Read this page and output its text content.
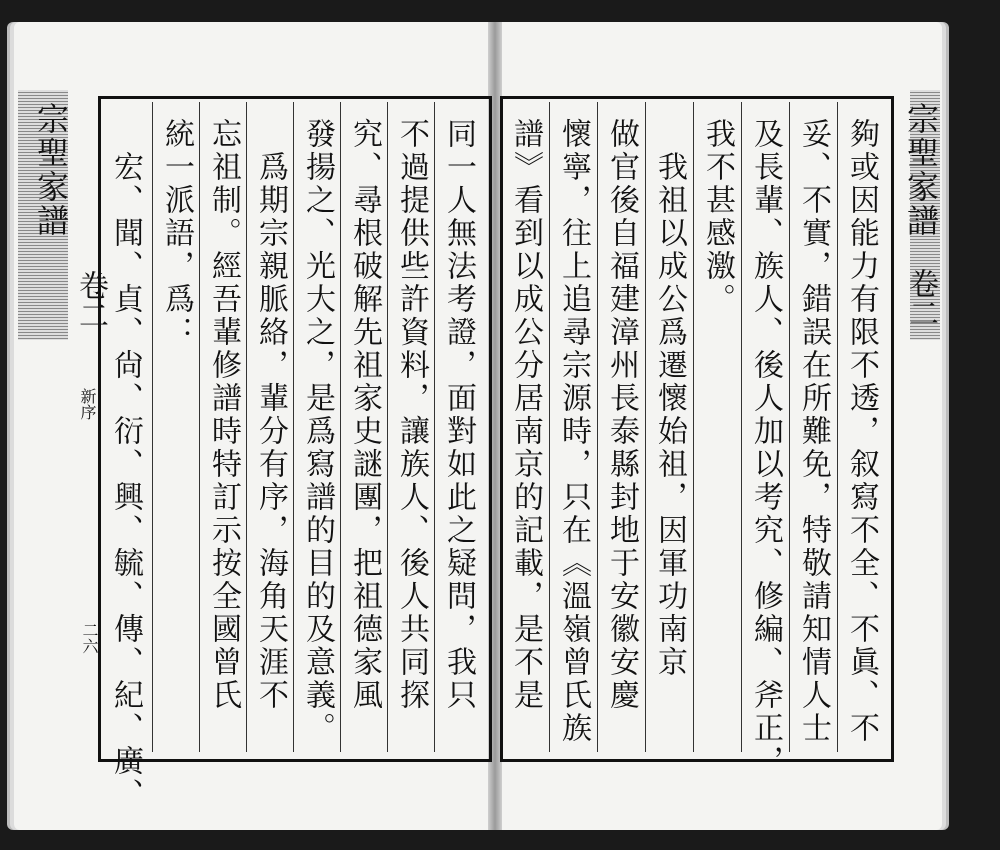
宗聖家譜
卷二
新序
二六	同一人無法考證，面對如此之疑問，我只
不過提供些許資料，讓族人、後人共同探
究、尋根破解先祖家史謎團，把祖德家風
發揚之、光大之，是爲寫譜的目的及意義。
　爲期宗親脈絡，輩分有序，海角天涯不
忘祖制。經吾輩修譜時特訂示按全國曾氏
統一派語，爲：
　宏、聞、貞、尙、衍、興、毓、傳、紀、廣、	夠或因能力有限不透，叙寫不全、不眞、不
妥、不實，錯誤在所難免，特敬請知情人士
及長輩、族人、後人加以考究、修編、斧正，
我不甚感激。
　我祖以成公爲遷懷始祖，因軍功南京
做官後自福建漳州長泰縣封地于安徽安慶
懷寧，往上追尋宗源時，只在《溫嶺曾氏族
譜》看到以成公分居南京的記載，是不是	宗聖家譜
卷二
